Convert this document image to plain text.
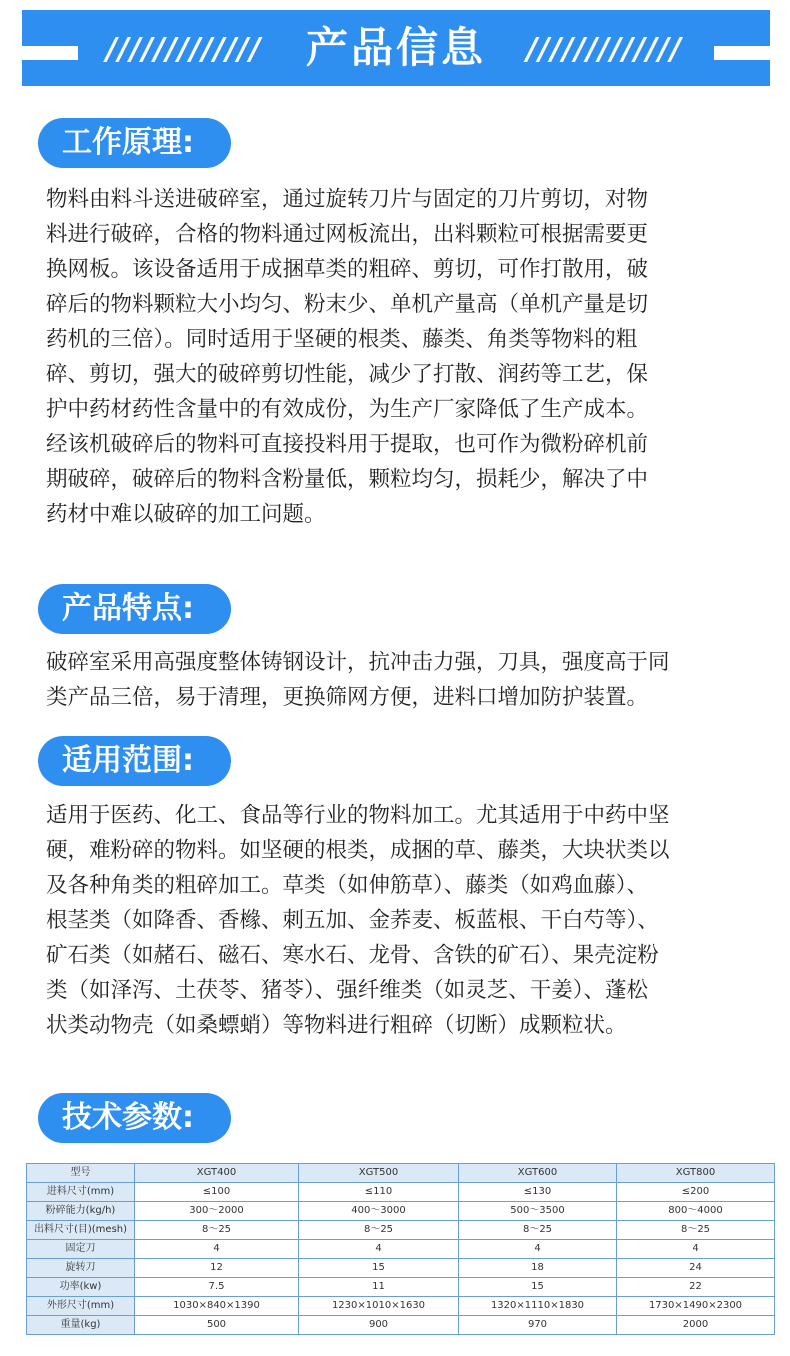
/////////////	产品信息	/////////////
工作原理:
物料由料斗送进破碎室，通过旋转刀片与固定的刀片剪切，对物
料进行破碎，合格的物料通过网板流出，出料颗粒可根据需要更
换网板。该设备适用于成捆草类的粗碎、剪切，可作打散用，破
碎后的物料颗粒大小均匀、粉末少、单机产量高（单机产量是切
药机的三倍）。同时适用于坚硬的根类、藤类、角类等物料的粗
碎、剪切，强大的破碎剪切性能，减少了打散、润药等工艺，保
护中药材药性含量中的有效成份，为生产厂家降低了生产成本。
经该机破碎后的物料可直接投料用于提取，也可作为微粉碎机前
期破碎，破碎后的物料含粉量低，颗粒均匀，损耗少，解决了中
药材中难以破碎的加工问题。
产品特点:
破碎室采用高强度整体铸钢设计，抗冲击力强，刀具，强度高于同
类产品三倍，易于清理，更换筛网方便，进料口增加防护装置。
适用范围:
适用于医药、化工、食品等行业的物料加工。尤其适用于中药中坚
硬，难粉碎的物料。如坚硬的根类，成捆的草、藤类，大块状类以
及各种角类的粗碎加工。草类（如伸筋草）、藤类（如鸡血藤）、
根茎类（如降香、香橼、刺五加、金荞麦、板蓝根、干白芍等）、
矿石类（如赭石、磁石、寒水石、龙骨、含铁的矿石）、果壳淀粉
类（如泽泻、土茯苓、猪苓）、强纤维类（如灵芝、干姜）、蓬松
状类动物壳（如桑螵蛸）等物料进行粗碎（切断）成颗粒状。
技术参数:
型号	XGT400	XGT500	XGT600	XGT800
进料尺寸(mm)	≤100	≤110	≤130	≤200
粉碎能力(kg/h)	300～2000	400～3000	500～3500	800～4000
出料尺寸(目)(mesh)	8～25	8～25	8～25	8～25
固定刀	4	4	4	4
旋转刀	12	15	18	24
功率(kw)	7.5	11	15	22
外形尺寸(mm)	1030×840×1390	1230×1010×1630	1320×1110×1830	1730×1490×2300
重量(kg)	500	900	970	2000
